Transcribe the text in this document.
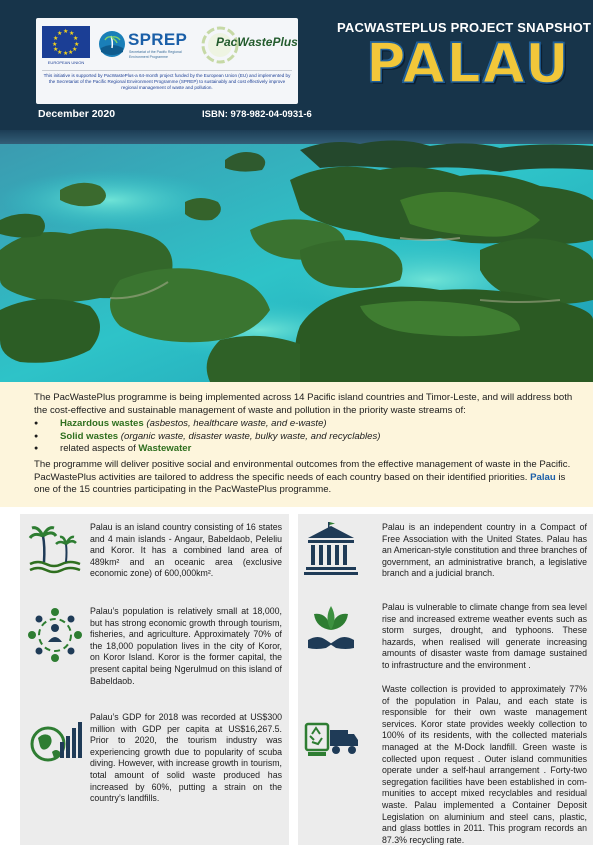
★ ★
★
★
★
★
★
★
★
★
★
★
EUROPEAN UNION
SPREP
Secretariat of the Pacific Regional Environment Programme
PacWastePlus
This initiative is supported by PacWastePlus-a 64-month project funded by the European Union (EU) and implemented by the Secretariat of the Pacific Regional Environment Programme (SPREP) to sustainably and cost effectively improve regional management of waste and pollution.
PACWASTEPLUS PROJECT SNAPSHOT
PALAU
December 2020	ISBN: 978-982-04-0931-6

The PacWastePlus programme is being implemented across 14 Pacific island countries and Timor-Leste, and will address both the cost-effective and sustainable management of waste and pollution in the priority waste streams of:

● Hazardous wastes (asbestos, healthcare waste, and e-waste)
● Solid wastes (organic waste, disaster waste, bulky waste, and recyclables)
● related aspects of Wastewater

The programme will deliver positive social and environmental outcomes from the effective management of waste in the Pacific. PacWastePlus activities are tailored to address the specific needs of each country based on their identified priorities. Palau is one of the 15 countries participating in the PacWastePlus programme.

Palau is an island country consisting of 16 states and 4 main islands - Angaur, Babeldaob, Peleliu and Koror. It has a combined land area of 489km² and an oceanic area (exclusive economic zone) of 600,000km².
Palau’s population is relatively small at 18,000, but has strong economic growth through tourism, fisheries, and agriculture. Approximately 70% of the 18,000 population lives in the city of Koror, on Koror Island. Koror is the former capital, the present capital being Ngerulmud on this island of Babeldaob.
Palau’s GDP for 2018 was recorded at US$300 million with GDP per capita at US$16,267.5. Prior to 2020, the tourism industry was experiencing growth due to popularity of scuba diving. However, with increase growth in tourism, total amount of solid waste produced has increased by 60%, putting a strain on the country’s landfills.
Palau is an independent country in a Compact of Free Association with the United States. Palau has an American-style constitution and three branches of government, an administrative branch, a legislative branch and a judicial branch.
Palau is vulnerable to climate change from sea level rise and increased extreme weather events such as storm surges, drought, and typhoons. These hazards, when realised will generate increasing amounts of disaster waste from damage sustained to infrastructure and the environment .
Waste collection is provided to approximately 77% of the population in Palau, and each state is responsible for their own waste management services. Koror state provides weekly collection to 100% of its residents, with the collected materials managed at the M-Dock landfill. Green waste is collected upon request . Outer island communities operate under a self-haul arrangement . Forty-two segregation facilities have been established in com-munities to accept mixed recyclables and residual waste. Palau implemented a Container Deposit Legislation on aluminium and steel cans, plastic, and glass bottles in 2011. This program records an 87.3% recycling rate.
